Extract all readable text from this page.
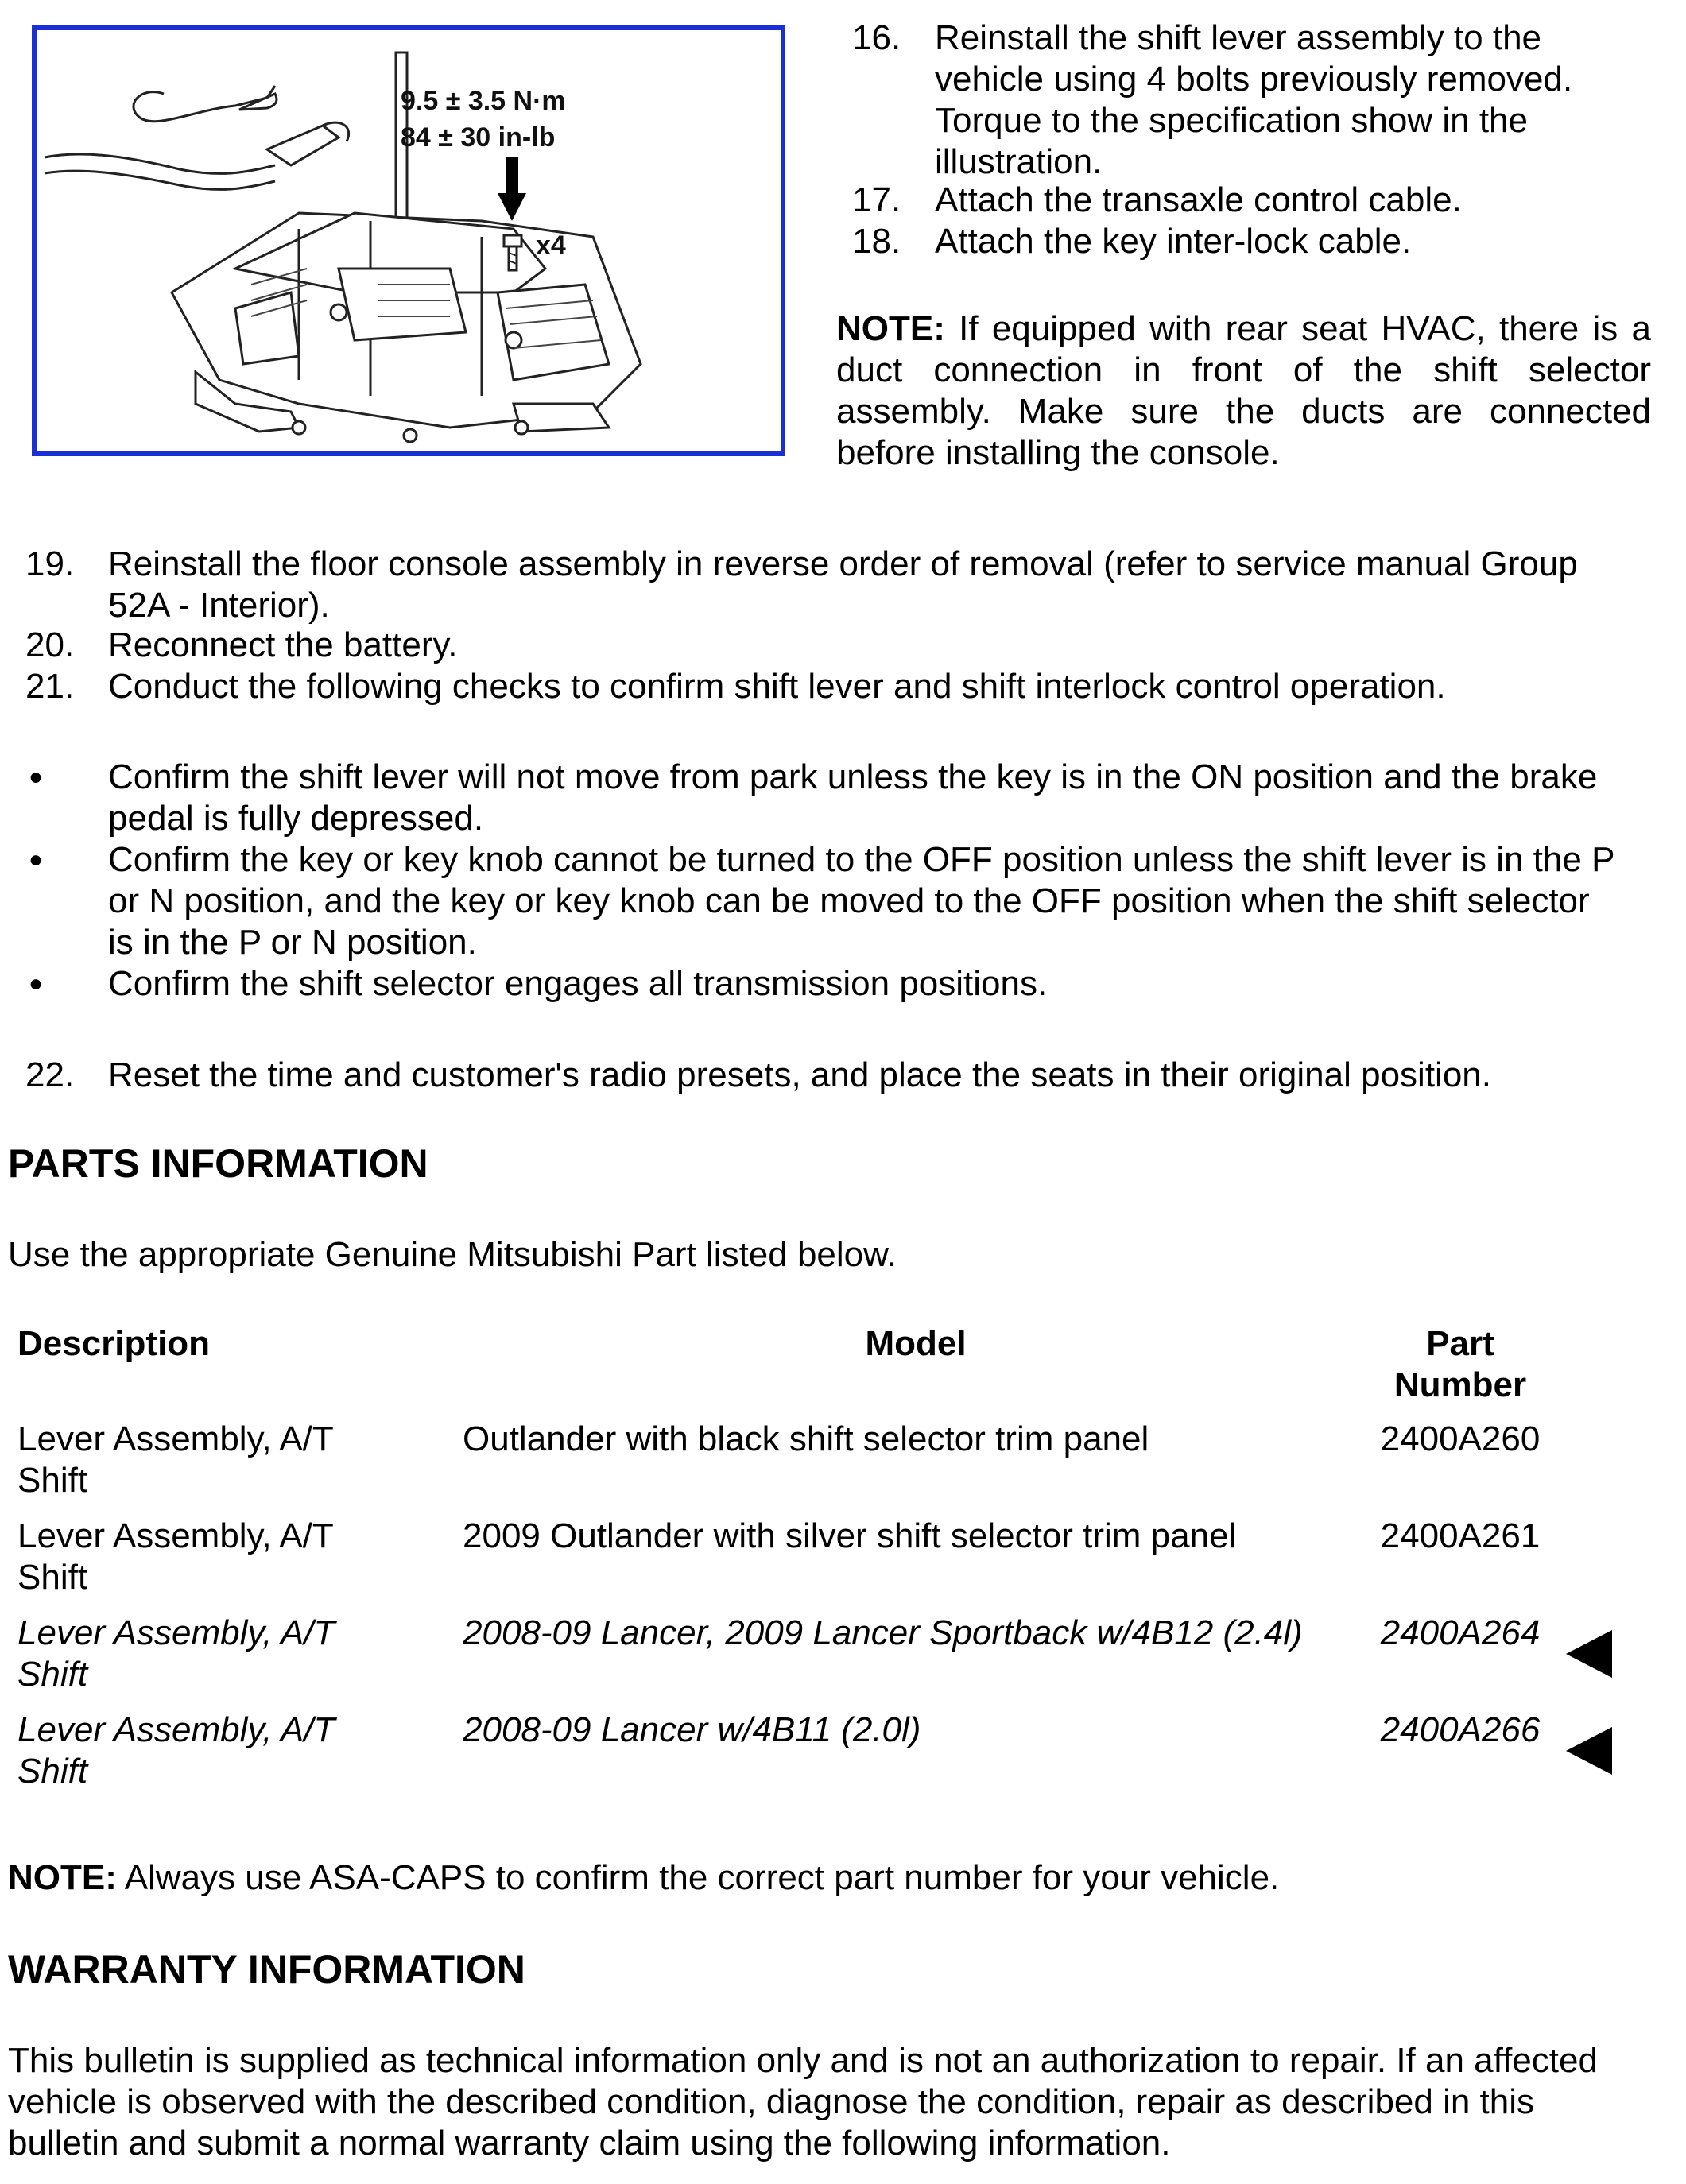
9.5 ± 3.5 N·m
84 ± 30 in-lb
x4
16. Reinstall the shift lever assembly to the
vehicle using 4 bolts previously removed.
Torque to the specification show in the
illustration.
17. Attach the transaxle control cable.
18. Attach the key inter-lock cable.
NOTE: If equipped with rear seat HVAC, there is a duct connection in front of the shift selector assembly. Make sure the ducts are connected before installing the console.
19. Reinstall the floor console assembly in reverse order of removal (refer to service manual Group
52A - Interior).
20. Reconnect the battery.
21. Conduct the following checks to confirm shift lever and shift interlock control operation.
● Confirm the shift lever will not move from park unless the key is in the ON position and the brake
pedal is fully depressed.
● Confirm the key or key knob cannot be turned to the OFF position unless the shift lever is in the P
or N position, and the key or key knob can be moved to the OFF position when the shift selector
is in the P or N position.
● Confirm the shift selector engages all transmission positions.
22. Reset the time and customer's radio presets, and place the seats in their original position.
PARTS INFORMATION
Use the appropriate Genuine Mitsubishi Part listed below.
Description	Model	Part
Number	

Lever Assembly, A/T
Shift	Outlander with black shift selector trim panel	2400A260	

Lever Assembly, A/T
Shift	2009 Outlander with silver shift selector trim panel	2400A261	

Lever Assembly, A/T
Shift	2008-09 Lancer, 2009 Lancer Sportback w/4B12 (2.4l)	2400A264	

Lever Assembly, A/T
Shift	2008-09 Lancer w/4B11 (2.0l)	2400A266	
NOTE: Always use ASA-CAPS to confirm the correct part number for your vehicle.
WARRANTY INFORMATION
This bulletin is supplied as technical information only and is not an authorization to repair. If an affected
vehicle is observed with the described condition, diagnose the condition, repair as described in this
bulletin and submit a normal warranty claim using the following information.
